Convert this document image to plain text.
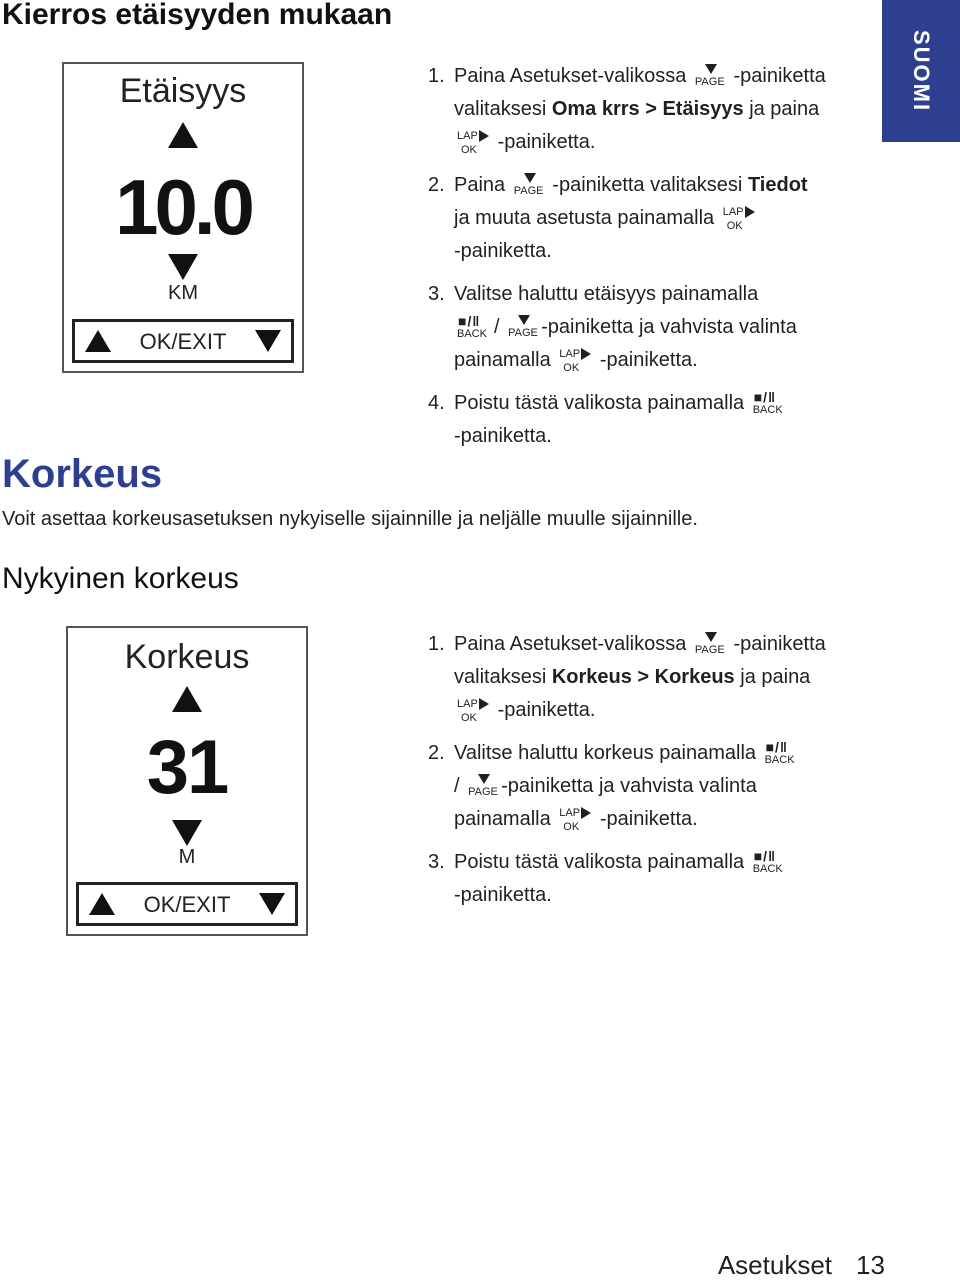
Kierros etäisyyden mukaan
SUOMI
Etäisyys
10.0
KM
OK/EXIT
1. Paina Asetukset-valikossa PAGE -painiketta
valitaksesi Oma krrs > Etäisyys ja paina

LAP
OK -painiketta.
2. Paina PAGE -painiketta valitaksesi Tiedot
ja muuta asetusta painamalla LAP
OK

-painiketta.
3. Valitse haluttu etäisyys painamalla

■/ǁ
BACK / PAGE -painiketta ja vahvista valinta
painamalla LAP
OK -painiketta.
4. Poistu tästä valikosta painamalla ■/ǁ
BACK

-painiketta.
Korkeus
Voit asettaa korkeusasetuksen nykyiselle sijainnille ja neljälle muulle sijainnille.
Nykyinen korkeus
Korkeus
31
M
OK/EXIT
1. Paina Asetukset-valikossa PAGE -painiketta
valitaksesi Korkeus > Korkeus ja paina

LAP
OK -painiketta.
2. Valitse haluttu korkeus painamalla ■/ǁ
BACK

/ PAGE -painiketta ja vahvista valinta
painamalla LAP
OK -painiketta.
3. Poistu tästä valikosta painamalla ■/ǁ
BACK

-painiketta.
Asetukset 13
